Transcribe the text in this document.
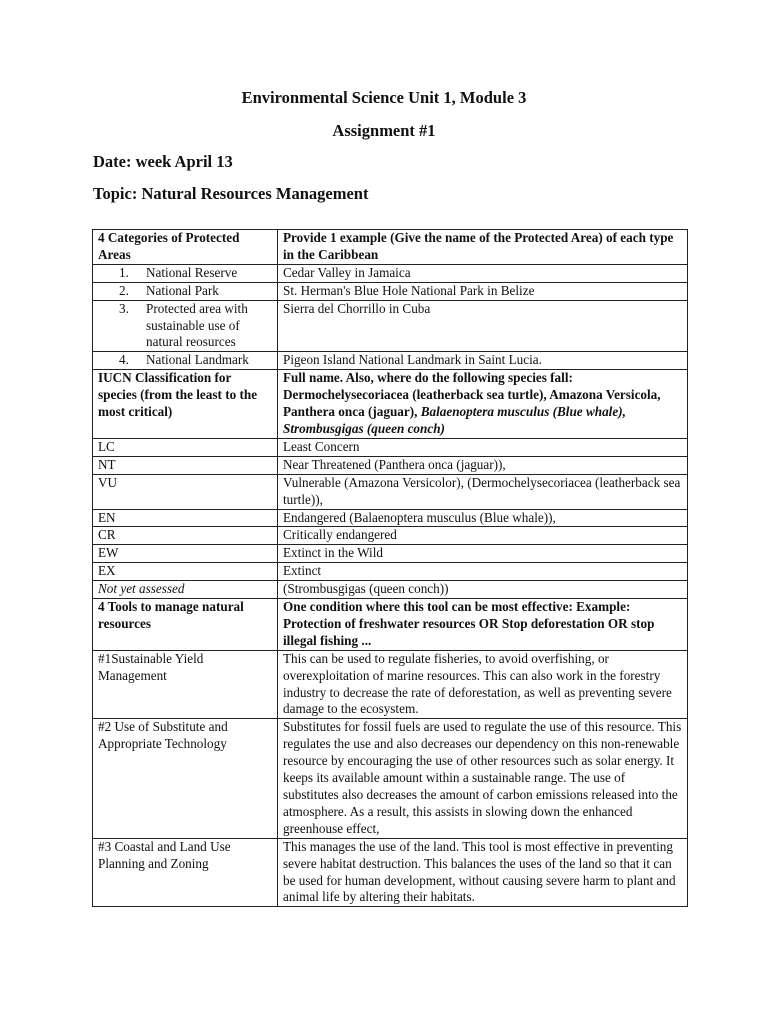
Environmental Science Unit 1, Module 3
Assignment #1
Date: week April 13
Topic: Natural Resources Management
4 Categories of Protected Areas	Provide 1 example (Give the name of the Protected Area) of each type in the Caribbean

1. National Reserve	Cedar Valley in Jamaica

2. National Park	St. Herman's Blue Hole National Park in Belize

3. Protected area with sustainable use of natural reosurces	Sierra del Chorrillo in Cuba

4. National Landmark	Pigeon Island National Landmark in Saint Lucia.
IUCN Classification for species (from the least to the most critical)	Full name. Also, where do the following species fall: Dermochelysecoriacea (leatherback sea turtle), Amazona Versicola, Panthera onca (jaguar), Balaenoptera musculus (Blue whale), Strombusgigas (queen conch)
LC	Least Concern
NT	Near Threatened (Panthera onca (jaguar)),
VU	Vulnerable (Amazona Versicolor), (Dermochelysecoriacea (leatherback sea turtle)),
EN	Endangered (Balaenoptera musculus (Blue whale)),
CR	Critically endangered
EW	Extinct in the Wild
EX	Extinct
Not yet assessed	(Strombusgigas (queen conch))
4 Tools to manage natural resources	One condition where this tool can be most effective: Example: Protection of freshwater resources OR Stop deforestation OR stop illegal fishing ...
#1Sustainable Yield Management	This can be used to regulate fisheries, to avoid overfishing, or overexploitation of marine resources. This can also work in the forestry industry to decrease the rate of deforestation, as well as preventing severe damage to the ecosystem.
#2 Use of Substitute and Appropriate Technology	Substitutes for fossil fuels are used to regulate the use of this resource. This regulates the use and also decreases our dependency on this non-renewable resource by encouraging the use of other resources such as solar energy. It keeps its available amount within a sustainable range. The use of substitutes also decreases the amount of carbon emissions released into the atmosphere. As a result, this assists in slowing down the enhanced greenhouse effect,
#3 Coastal and Land Use Planning and Zoning	This manages the use of the land. This tool is most effective in preventing severe habitat destruction. This balances the uses of the land so that it can be used for human development, without causing severe harm to plant and animal life by altering their habitats.
